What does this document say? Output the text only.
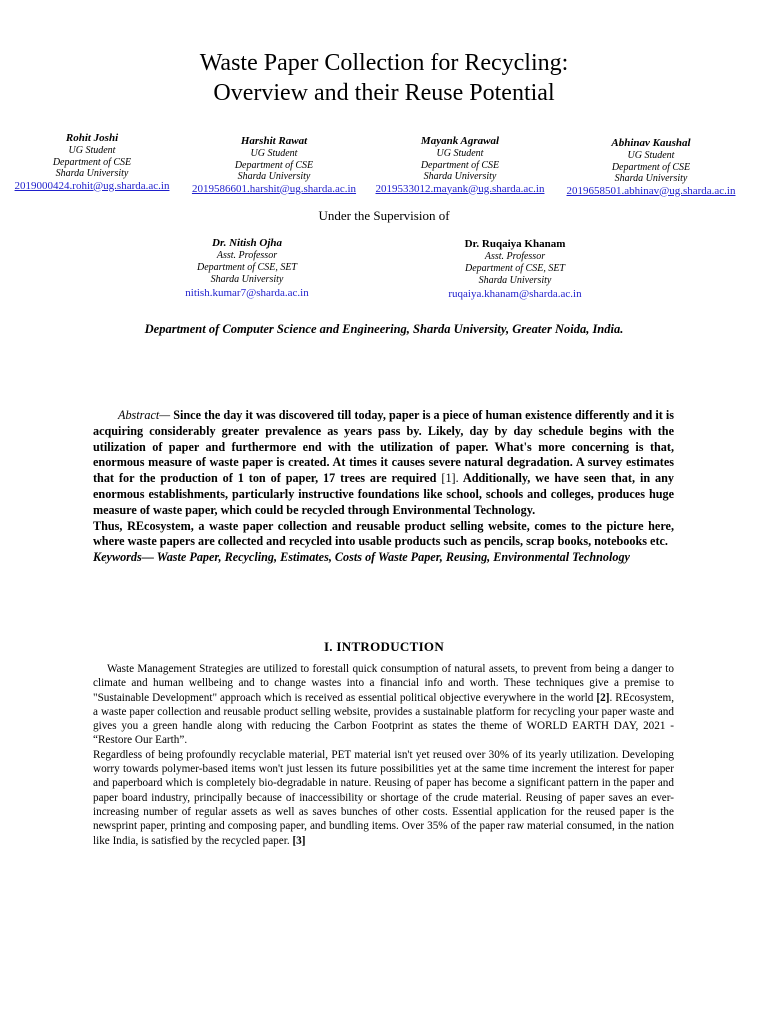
Waste Paper Collection for Recycling:
Overview and their Reuse Potential
Rohit Joshi
UG Student
Department of CSE
Sharda University
2019000424.rohit@ug.sharda.ac.in
Harshit Rawat
UG Student
Department of CSE
Sharda University
2019586601.harshit@ug.sharda.ac.in
Mayank Agrawal
UG Student
Department of CSE
Sharda University
2019533012.mayank@ug.sharda.ac.in
Abhinav Kaushal
UG Student
Department of CSE
Sharda University
2019658501.abhinav@ug.sharda.ac.in
Under the Supervision of
Dr. Nitish Ojha
Asst. Professor
Department of CSE, SET
Sharda University
nitish.kumar7@sharda.ac.in
Dr. Ruqaiya Khanam
Asst. Professor
Department of CSE, SET
Sharda University
ruqaiya.khanam@sharda.ac.in
Department of Computer Science and Engineering, Sharda University, Greater Noida, India.

Abstract— Since the day it was discovered till today, paper is a piece of human existence differently and it is acquiring considerably greater prevalence as years pass by. Likely, day by day schedule begins with the utilization of paper and furthermore end with the utilization of paper. What's more concerning is that, enormous measure of waste paper is created. At times it causes severe natural degradation. A survey estimates that for the production of 1 ton of paper, 17 trees are required [1]. Additionally, we have seen that, in any enormous establishments, particularly instructive foundations like school, schools and colleges, produces huge measure of waste paper, which could be recycled through Environmental Technology.

Thus, REcosystem, a waste paper collection and reusable product selling website, comes to the picture here, where waste papers are collected and recycled into usable products such as pencils, scrap books, notebooks etc.

Keywords— Waste Paper, Recycling, Estimates, Costs of Waste Paper, Reusing, Environmental Technology

I. INTRODUCTION

Waste Management Strategies are utilized to forestall quick consumption of natural assets, to prevent from being a danger to climate and human wellbeing and to change wastes into a financial info and worth. These techniques give a premise to "Sustainable Development" approach which is received as essential political objective everywhere in the world [2]. REcosystem, a waste paper collection and reusable product selling website, provides a sustainable platform for recycling your paper waste and gives you a green handle along with reducing the Carbon Footprint as states the theme of WORLD EARTH DAY, 2021 - “Restore Our Earth”.

Regardless of being profoundly recyclable material, PET material isn't yet reused over 30% of its yearly utilization. Developing worry towards polymer-based items won't just lessen its future possibilities yet at the same time increment the interest for paper and paperboard which is completely bio-degradable in nature. Reusing of paper has become a significant pattern in the paper and paper board industry, principally because of inaccessibility or shortage of the crude material. Reusing of paper saves an ever-increasing number of regular assets as well as saves bunches of other costs. Essential application for the reused paper is the newsprint paper, printing and composing paper, and bundling items. Over 35% of the paper raw material consumed, in the nation like India, is satisfied by the recycled paper. [3]
